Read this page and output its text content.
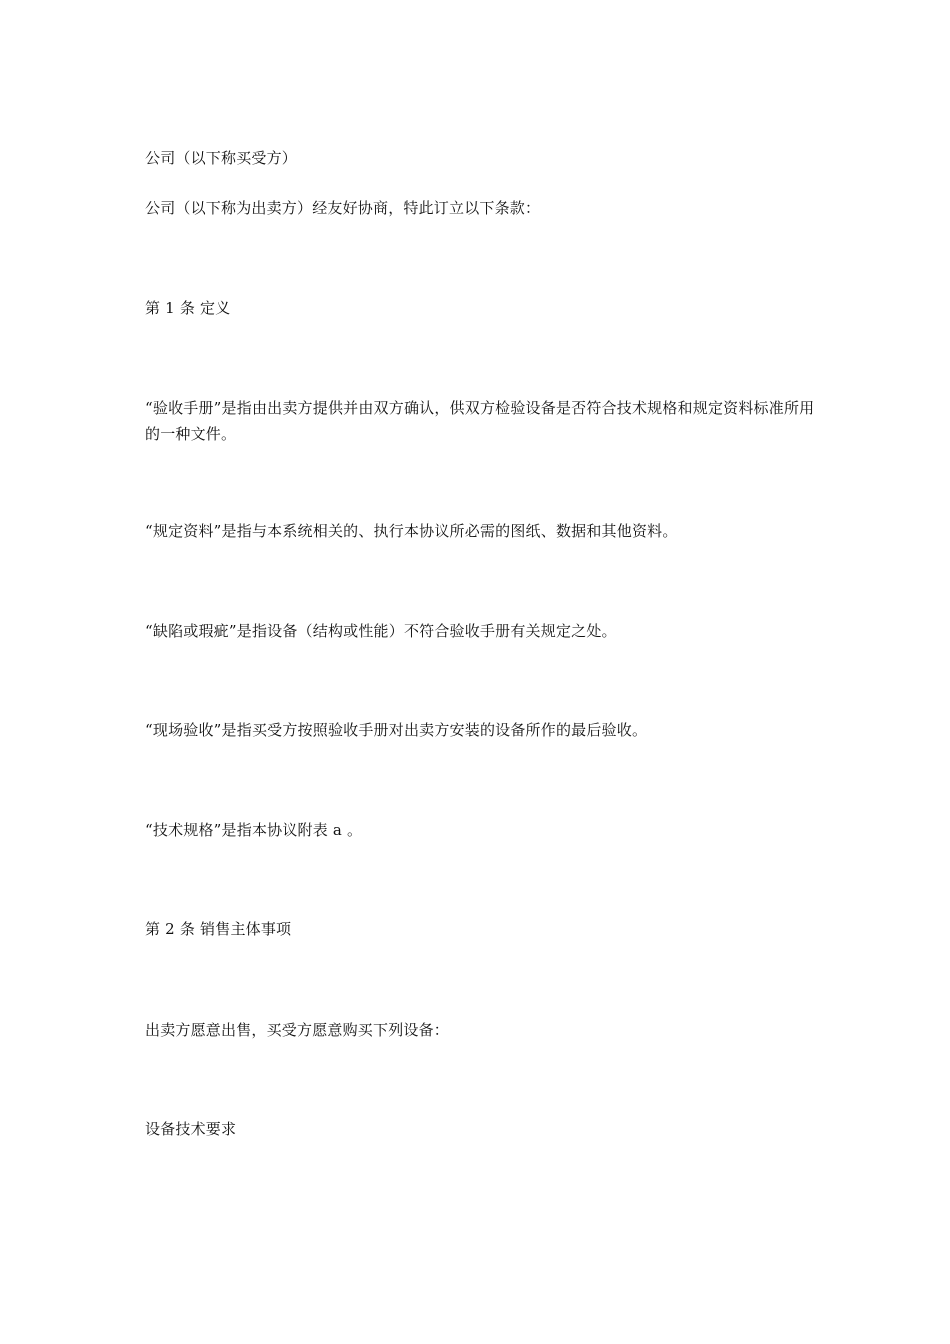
公司（以下称买受方）
公司（以下称为出卖方）经友好协商，特此订立以下条款：
第 1 条 定义
“验收手册”是指由出卖方提供并由双方确认，供双方检验设备是否符合技术规格和规定资料标准所用的一种文件。
“规定资料”是指与本系统相关的、执行本协议所必需的图纸、数据和其他资料。
“缺陷或瑕疵”是指设备（结构或性能）不符合验收手册有关规定之处。
“现场验收”是指买受方按照验收手册对出卖方安装的设备所作的最后验收。
“技术规格”是指本协议附表 a 。
第 2 条 销售主体事项
出卖方愿意出售，买受方愿意购买下列设备：
设备技术要求
